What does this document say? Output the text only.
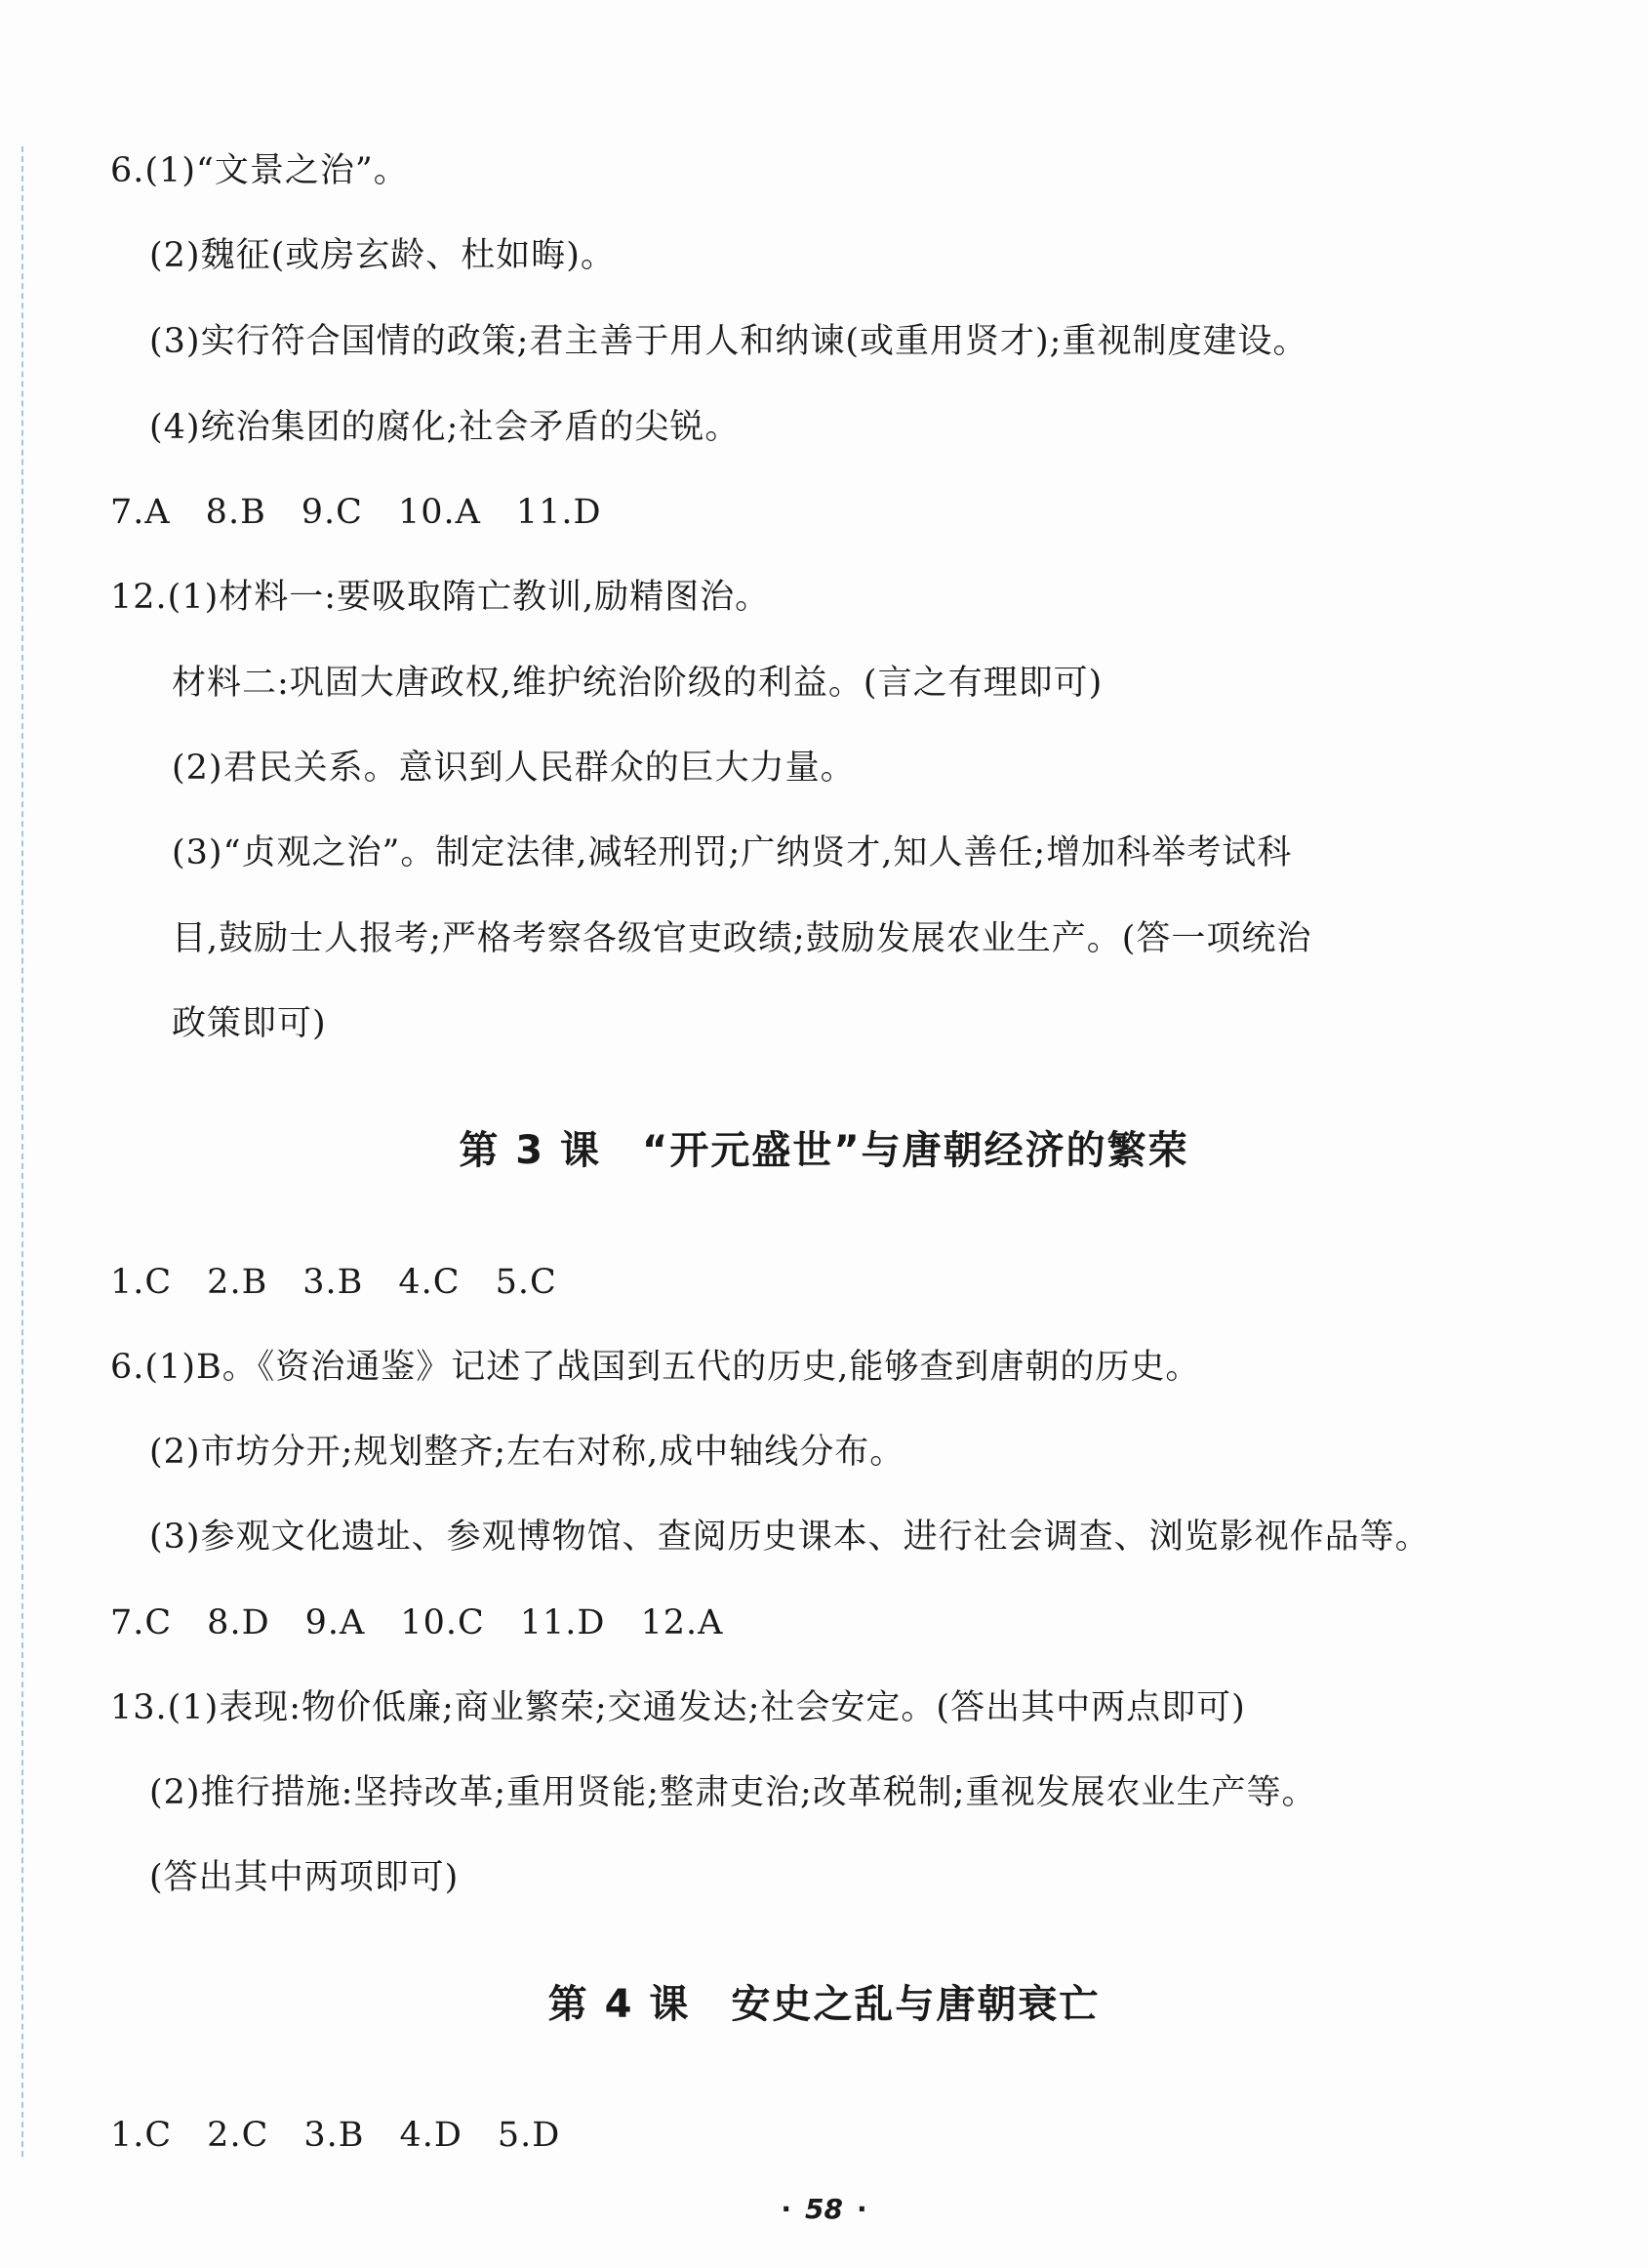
6.(1)“文景之治”。
(2)魏征(或房玄龄、杜如晦)。
(3)实行符合国情的政策;君主善于用人和纳谏(或重用贤才);重视制度建设。
(4)统治集团的腐化;社会矛盾的尖锐。
7.A　8.B　9.C　10.A　11.D
12.(1)材料一:要吸取隋亡教训,励精图治。
材料二:巩固大唐政权,维护统治阶级的利益。(言之有理即可)
(2)君民关系。意识到人民群众的巨大力量。
(3)“贞观之治”。制定法律,减轻刑罚;广纳贤才,知人善任;增加科举考试科
目,鼓励士人报考;严格考察各级官吏政绩;鼓励发展农业生产。(答一项统治
政策即可)
第 3 课　“开元盛世”与唐朝经济的繁荣
1.C　2.B　3.B　4.C　5.C
6.(1)B。《资治通鉴》记述了战国到五代的历史,能够查到唐朝的历史。
(2)市坊分开;规划整齐;左右对称,成中轴线分布。
(3)参观文化遗址、参观博物馆、查阅历史课本、进行社会调查、浏览影视作品等。
7.C　8.D　9.A　10.C　11.D　12.A
13.(1)表现:物价低廉;商业繁荣;交通发达;社会安定。(答出其中两点即可)
(2)推行措施:坚持改革;重用贤能;整肃吏治;改革税制;重视发展农业生产等。
(答出其中两项即可)
第 4 课　安史之乱与唐朝衰亡
1.C　2.C　3.B　4.D　5.D
· 58 ·
